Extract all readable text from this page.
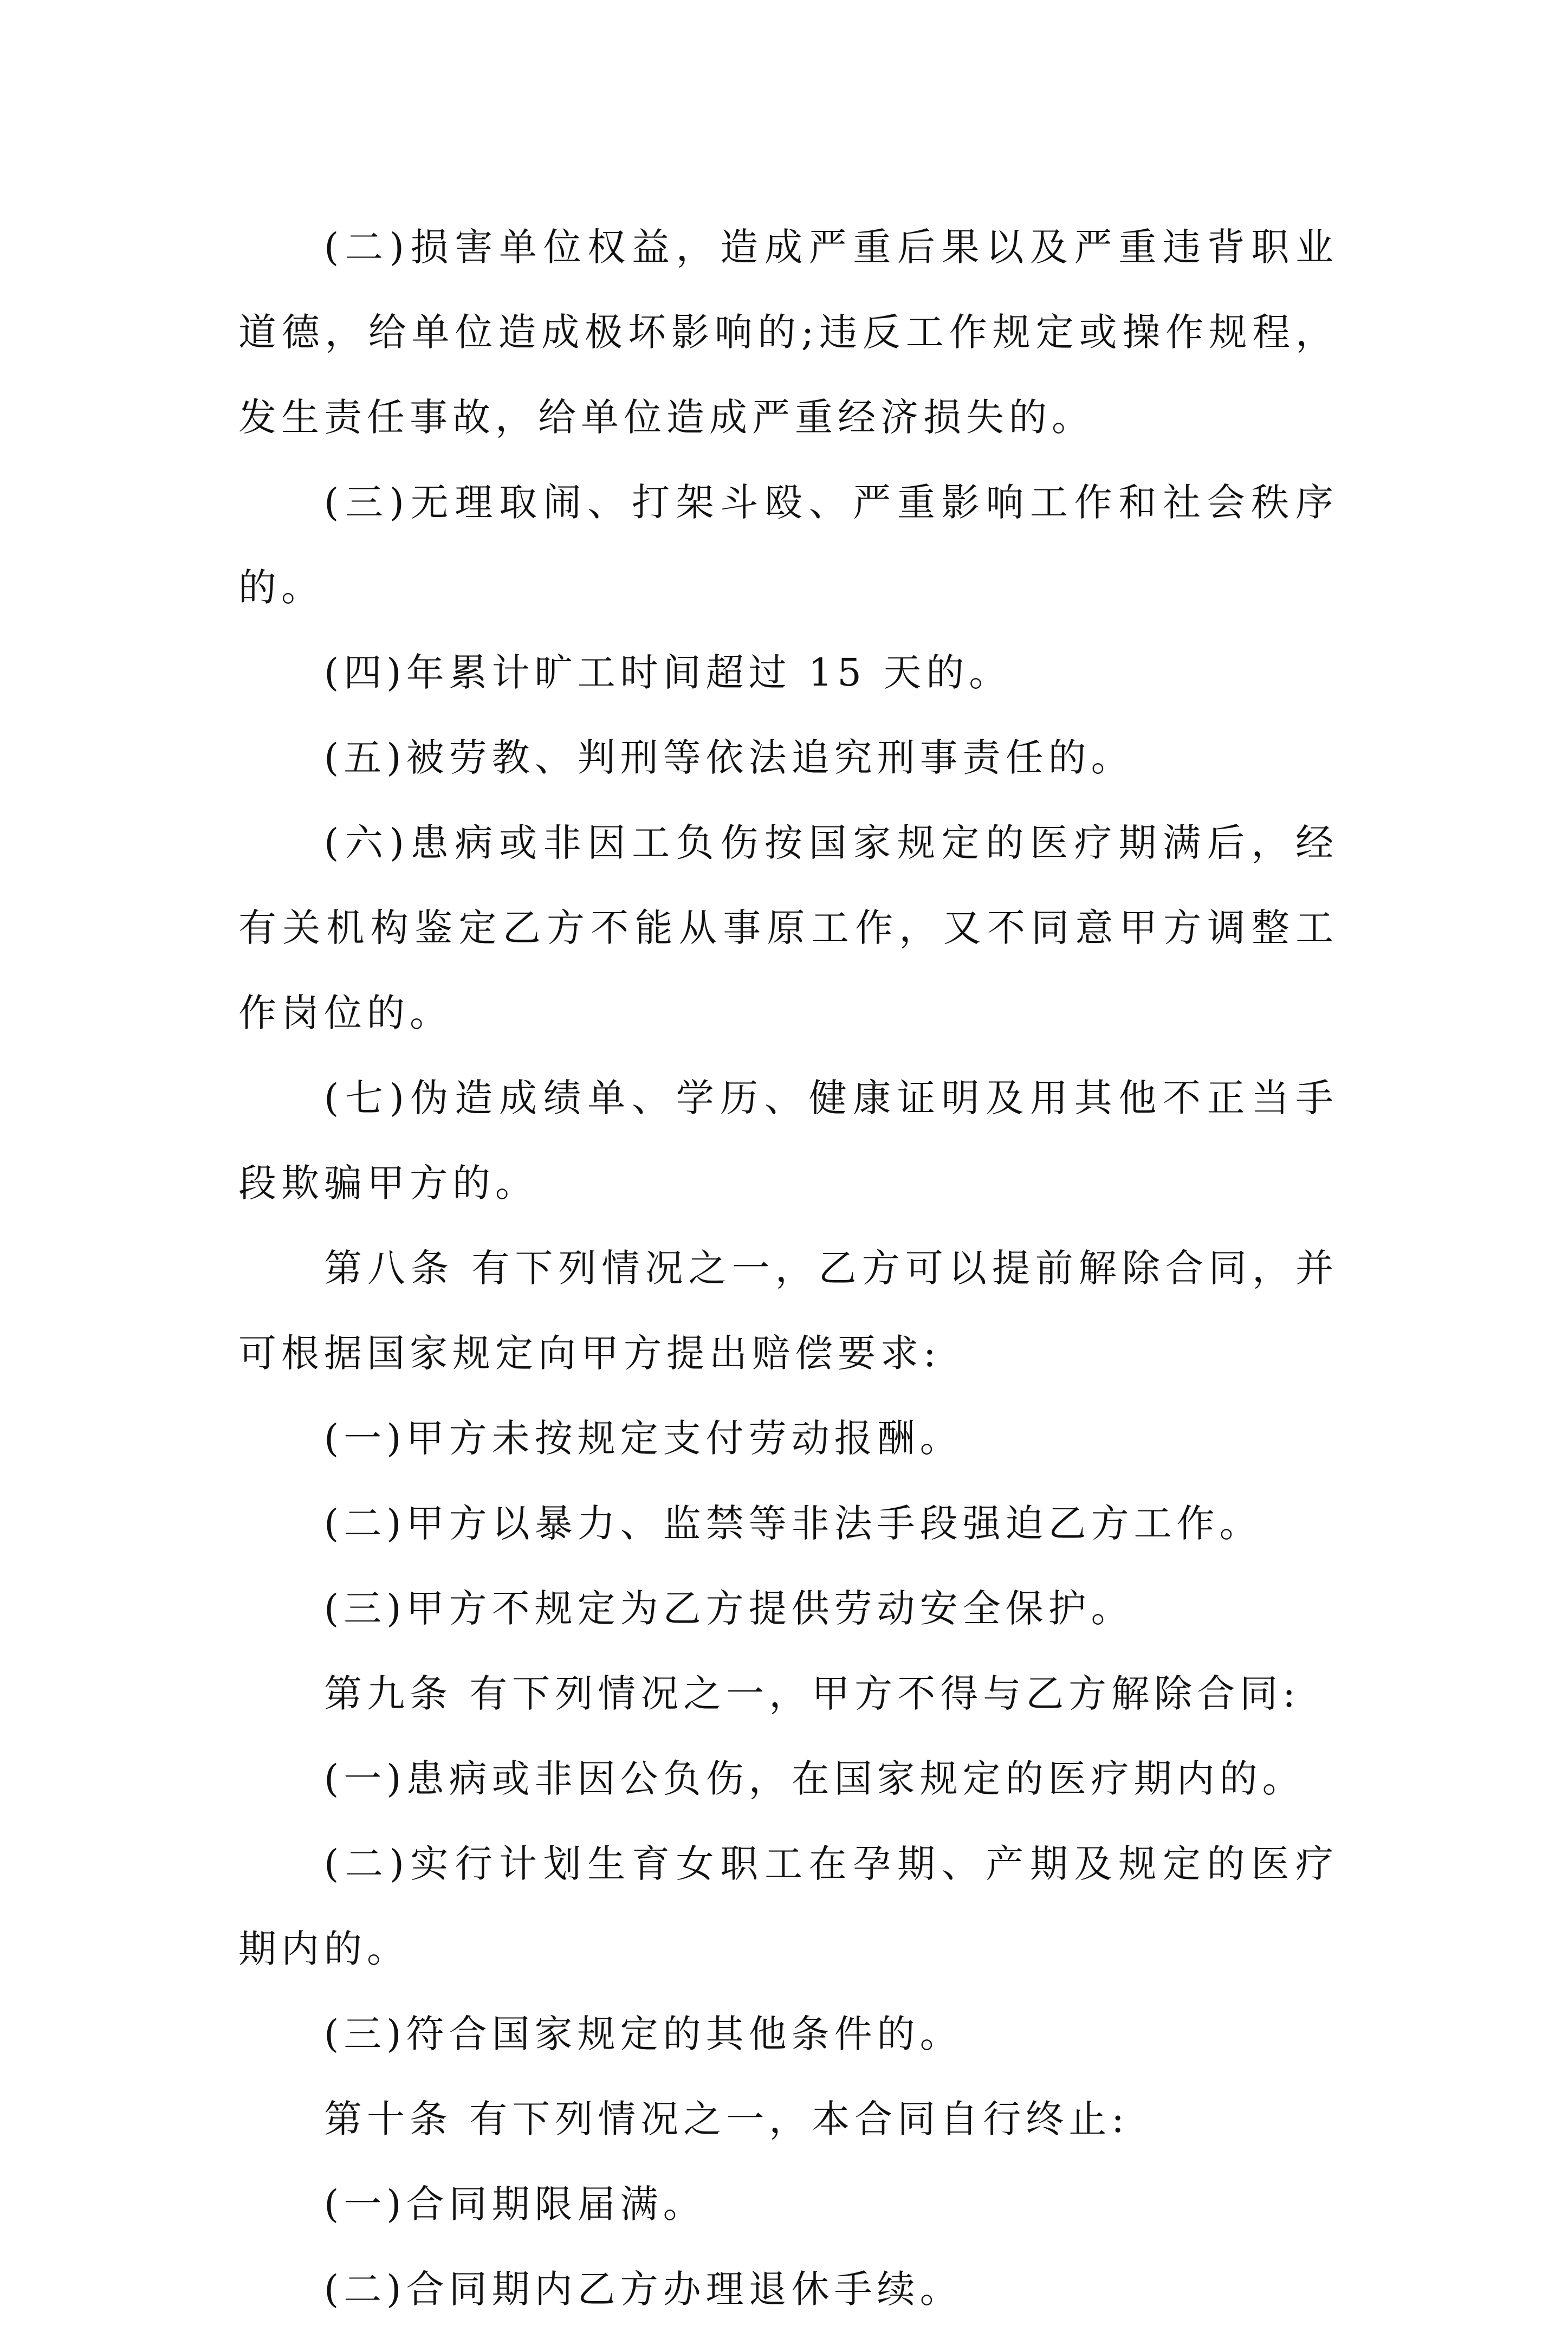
(二)损害单位权益，造成严重后果以及严重违背职业道德，给单位造成极坏影响的;违反工作规定或操作规程，发生责任事故，给单位造成严重经济损失的。

(三)无理取闹、打架斗殴、严重影响工作和社会秩序的。

(四)年累计旷工时间超过 15 天的。

(五)被劳教、判刑等依法追究刑事责任的。

(六)患病或非因工负伤按国家规定的医疗期满后，经有关机构鉴定乙方不能从事原工作，又不同意甲方调整工作岗位的。

(七)伪造成绩单、学历、健康证明及用其他不正当手段欺骗甲方的。

第八条 有下列情况之一，乙方可以提前解除合同，并可根据国家规定向甲方提出赔偿要求:

(一)甲方未按规定支付劳动报酬。

(二)甲方以暴力、监禁等非法手段强迫乙方工作。

(三)甲方不规定为乙方提供劳动安全保护。

第九条 有下列情况之一，甲方不得与乙方解除合同:

(一)患病或非因公负伤，在国家规定的医疗期内的。

(二)实行计划生育女职工在孕期、产期及规定的医疗期内的。

(三)符合国家规定的其他条件的。

第十条 有下列情况之一，本合同自行终止:

(一)合同期限届满。

(二)合同期内乙方办理退休手续。
